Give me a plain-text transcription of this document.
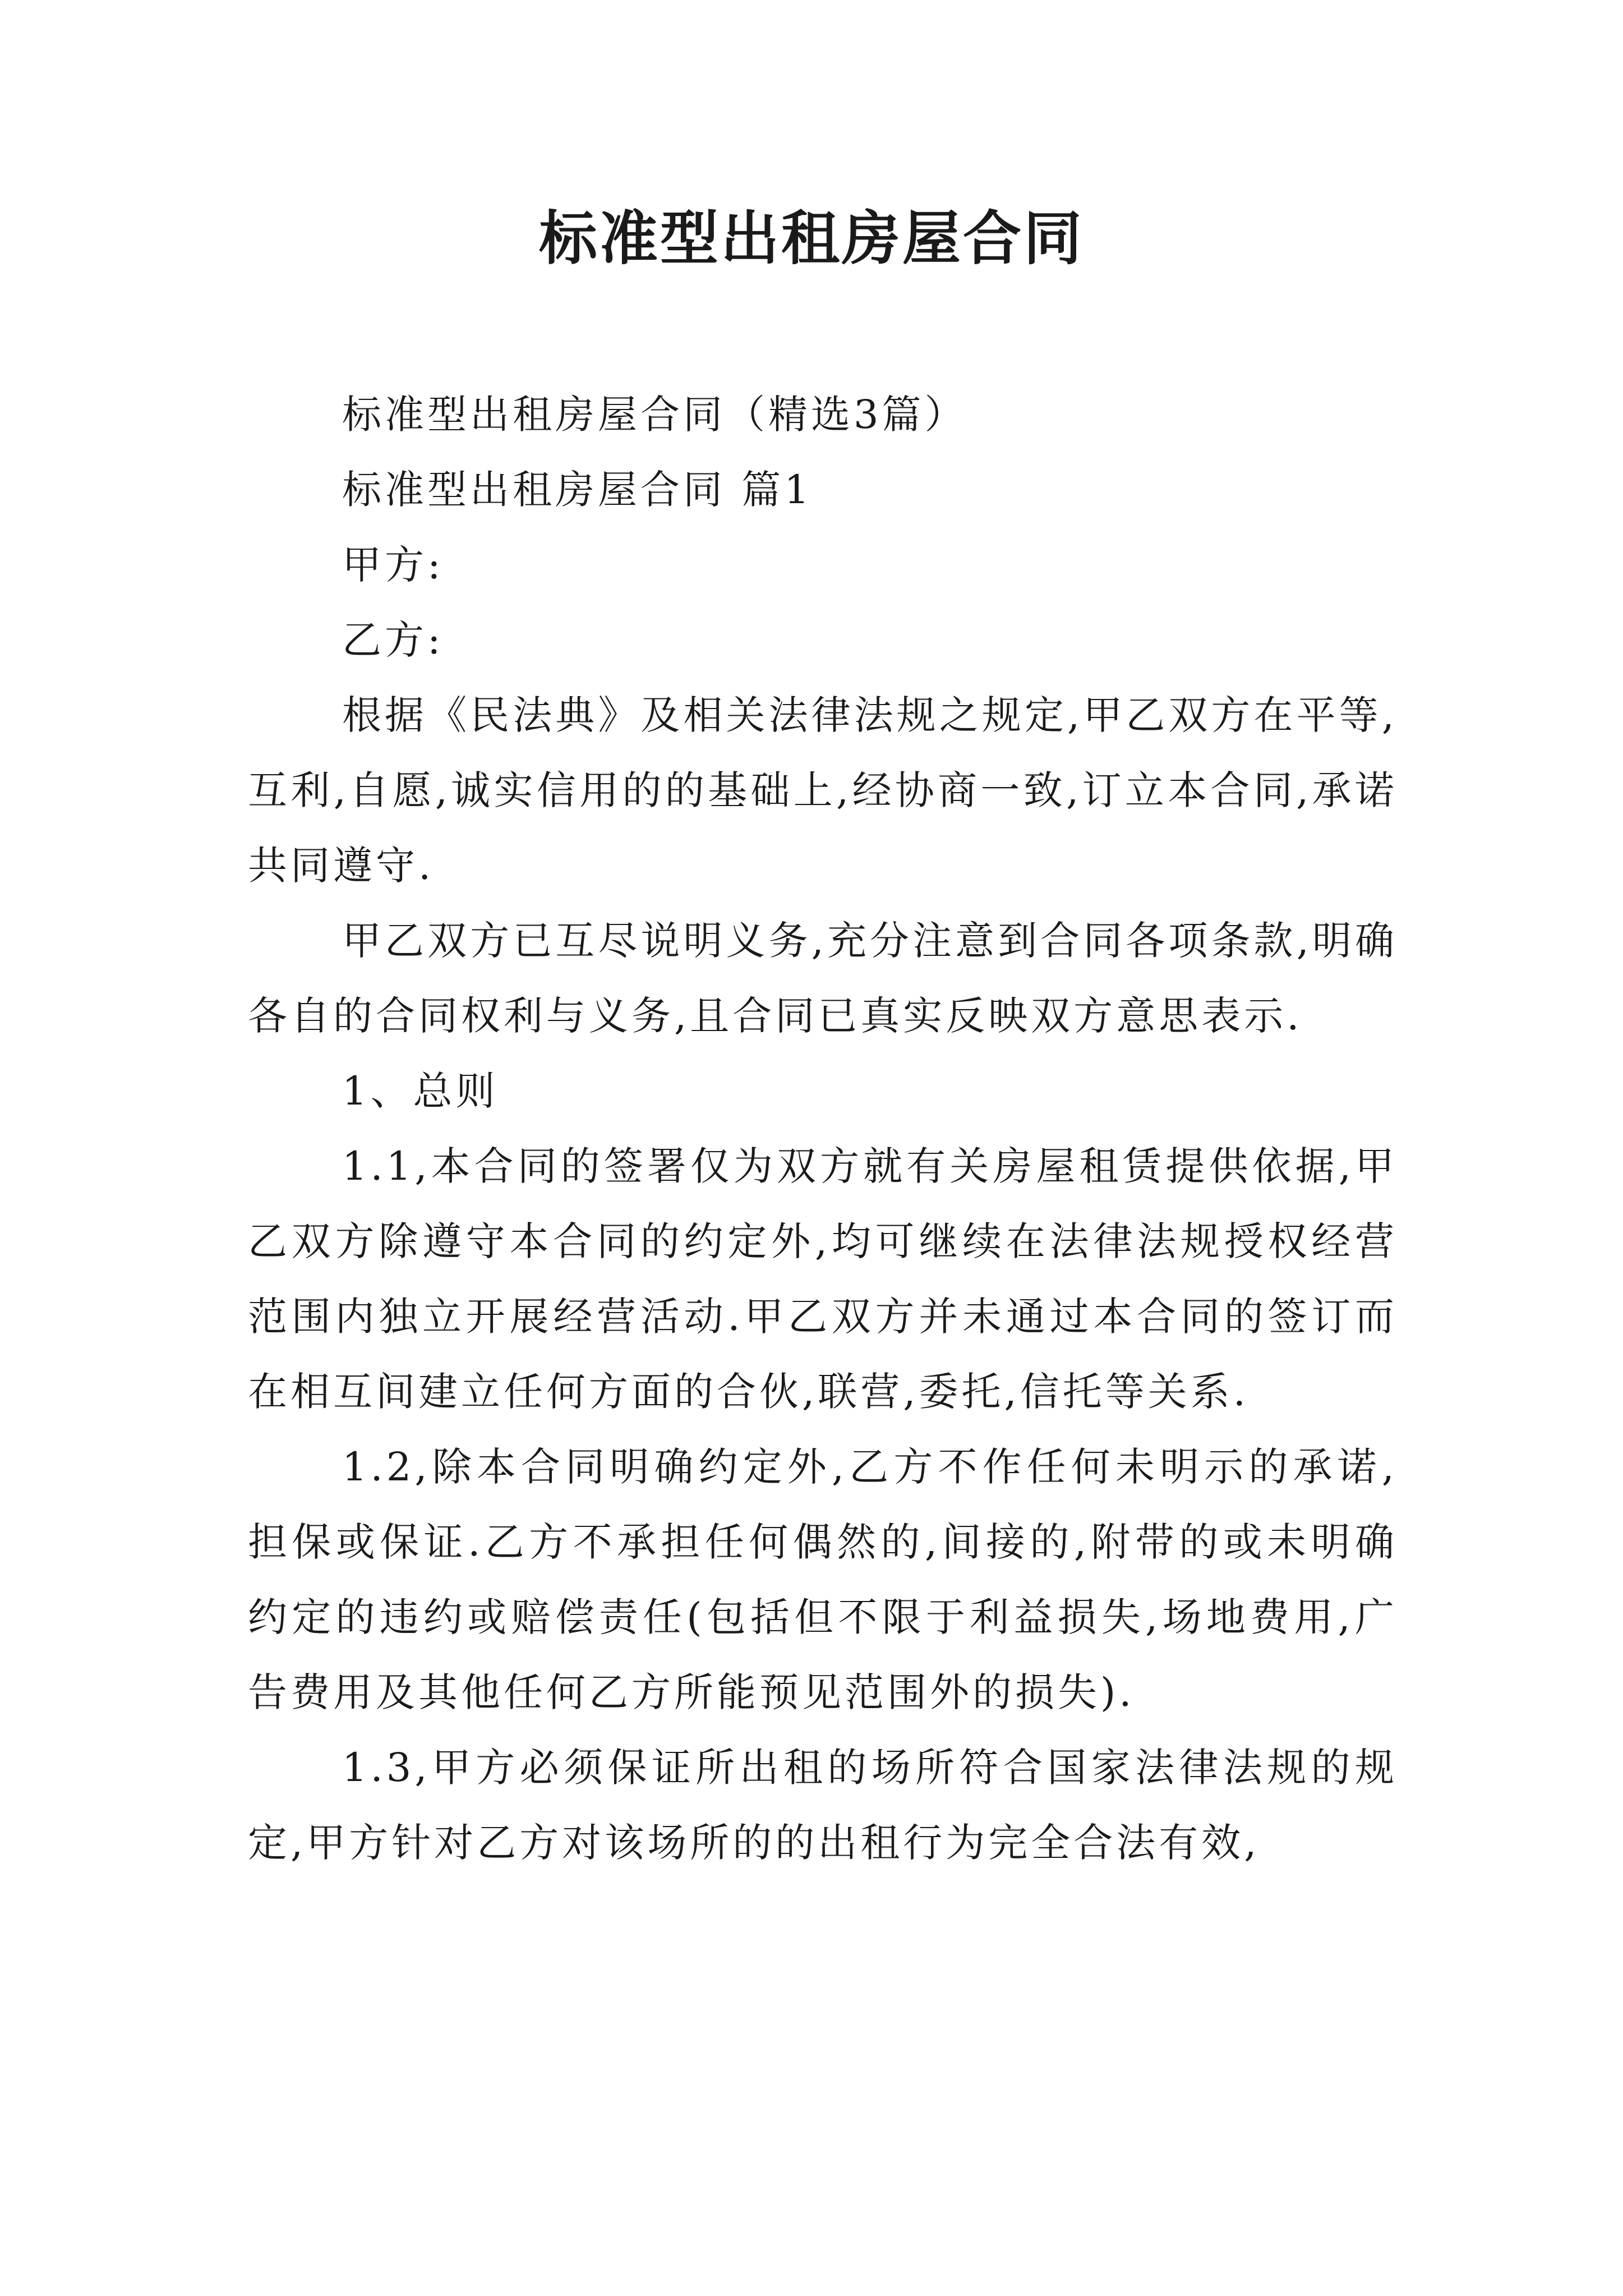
标准型出租房屋合同

标准型出租房屋合同（精选3篇）

标准型出租房屋合同 篇1

甲方:

乙方:

根据《民法典》及相关法律法规之规定,甲乙双方在平等,互利,自愿,诚实信用的的基础上,经协商一致,订立本合同,承诺共同遵守.

甲乙双方已互尽说明义务,充分注意到合同各项条款,明确各自的合同权利与义务,且合同已真实反映双方意思表示.

1、总则

1.1,本合同的签署仅为双方就有关房屋租赁提供依据,甲乙双方除遵守本合同的约定外,均可继续在法律法规授权经营范围内独立开展经营活动.甲乙双方并未通过本合同的签订而在相互间建立任何方面的合伙,联营,委托,信托等关系.

1.2,除本合同明确约定外,乙方不作任何未明示的承诺,担保或保证.乙方不承担任何偶然的,间接的,附带的或未明确约定的违约或赔偿责任(包括但不限于利益损失,场地费用,广告费用及其他任何乙方所能预见范围外的损失).

1.3,甲方必须保证所出租的场所符合国家法律法规的规定,甲方针对乙方对该场所的的出租行为完全合法有效,
